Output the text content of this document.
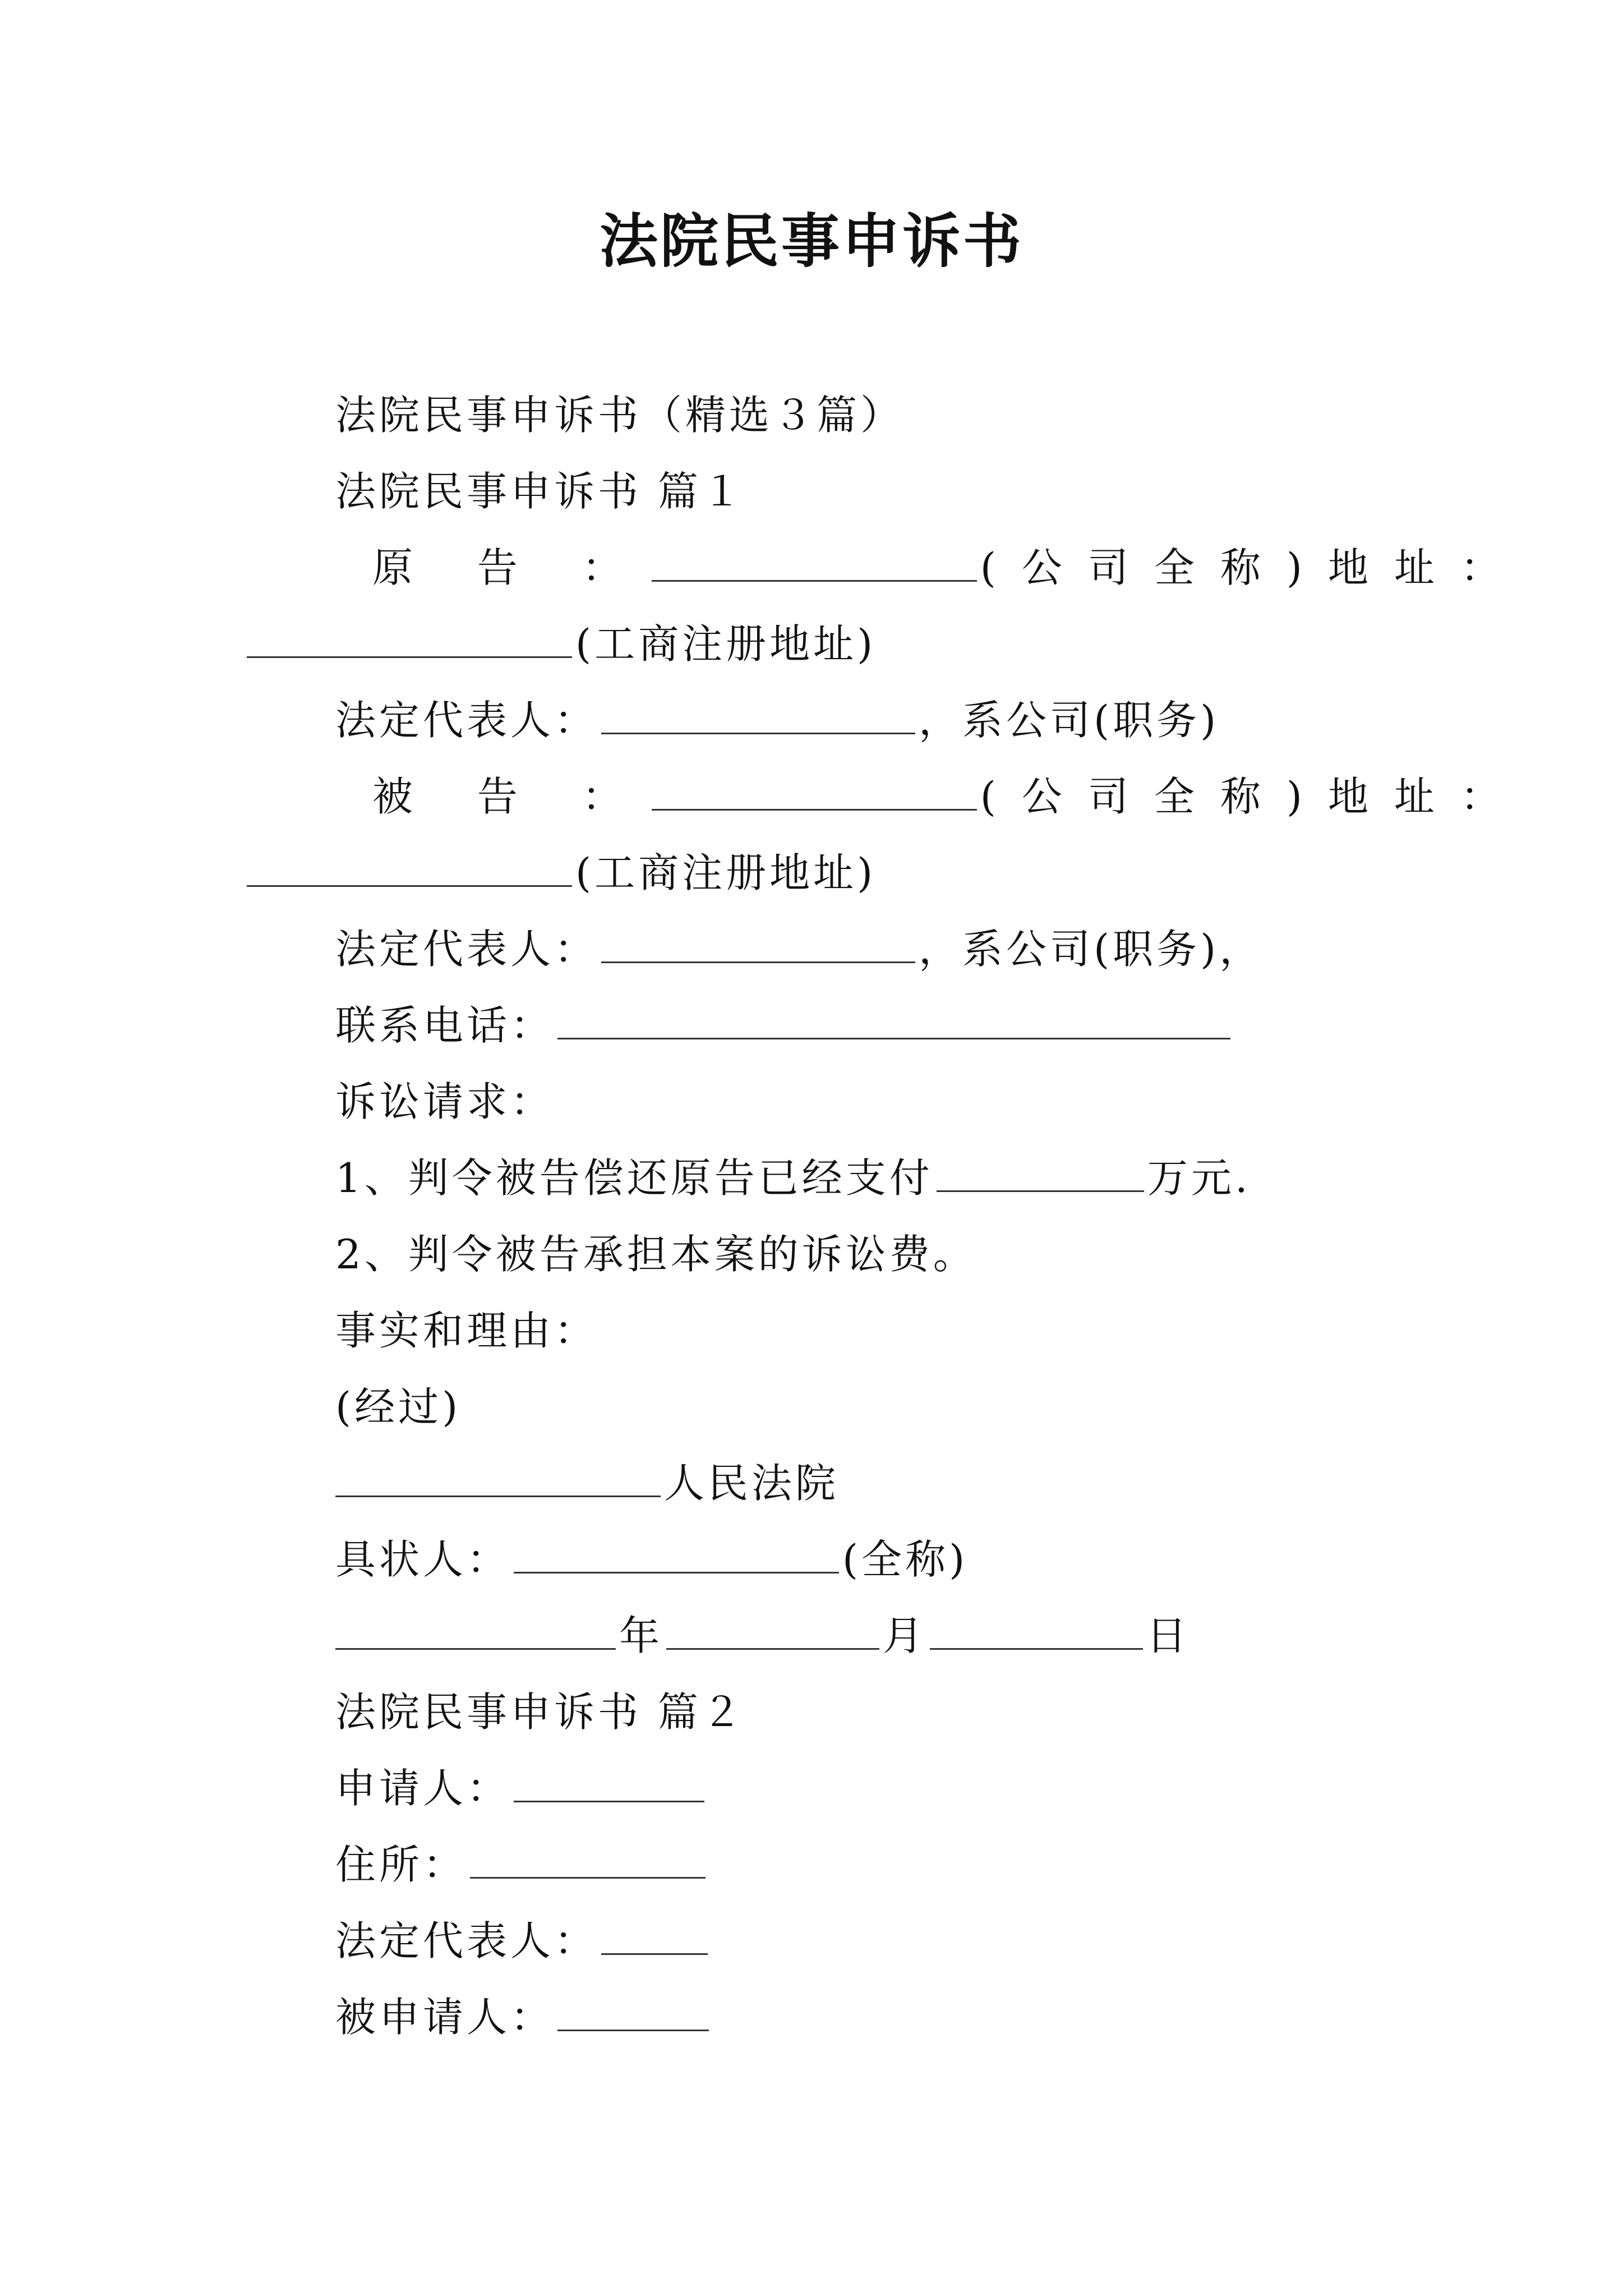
法院民事申诉书
法院民事申诉书（精选３篇）
法院民事申诉书 篇１
原 告 ：	(公司全称)地址：
(工商注册地址)
法定代表人：	，系公司(职务)
被 告 ：	(公司全称)地址：
(工商注册地址)
法定代表人：	，系公司(职务)，
联系电话：
诉讼请求：
1、判令被告偿还原告已经支付	万元.
2、判令被告承担本案的诉讼费。
事实和理由：
(经过)
人民法院
具状人：	(全称)
年	月	日
法院民事申诉书 篇２
申请人：
住所：
法定代表人：
被申请人：
